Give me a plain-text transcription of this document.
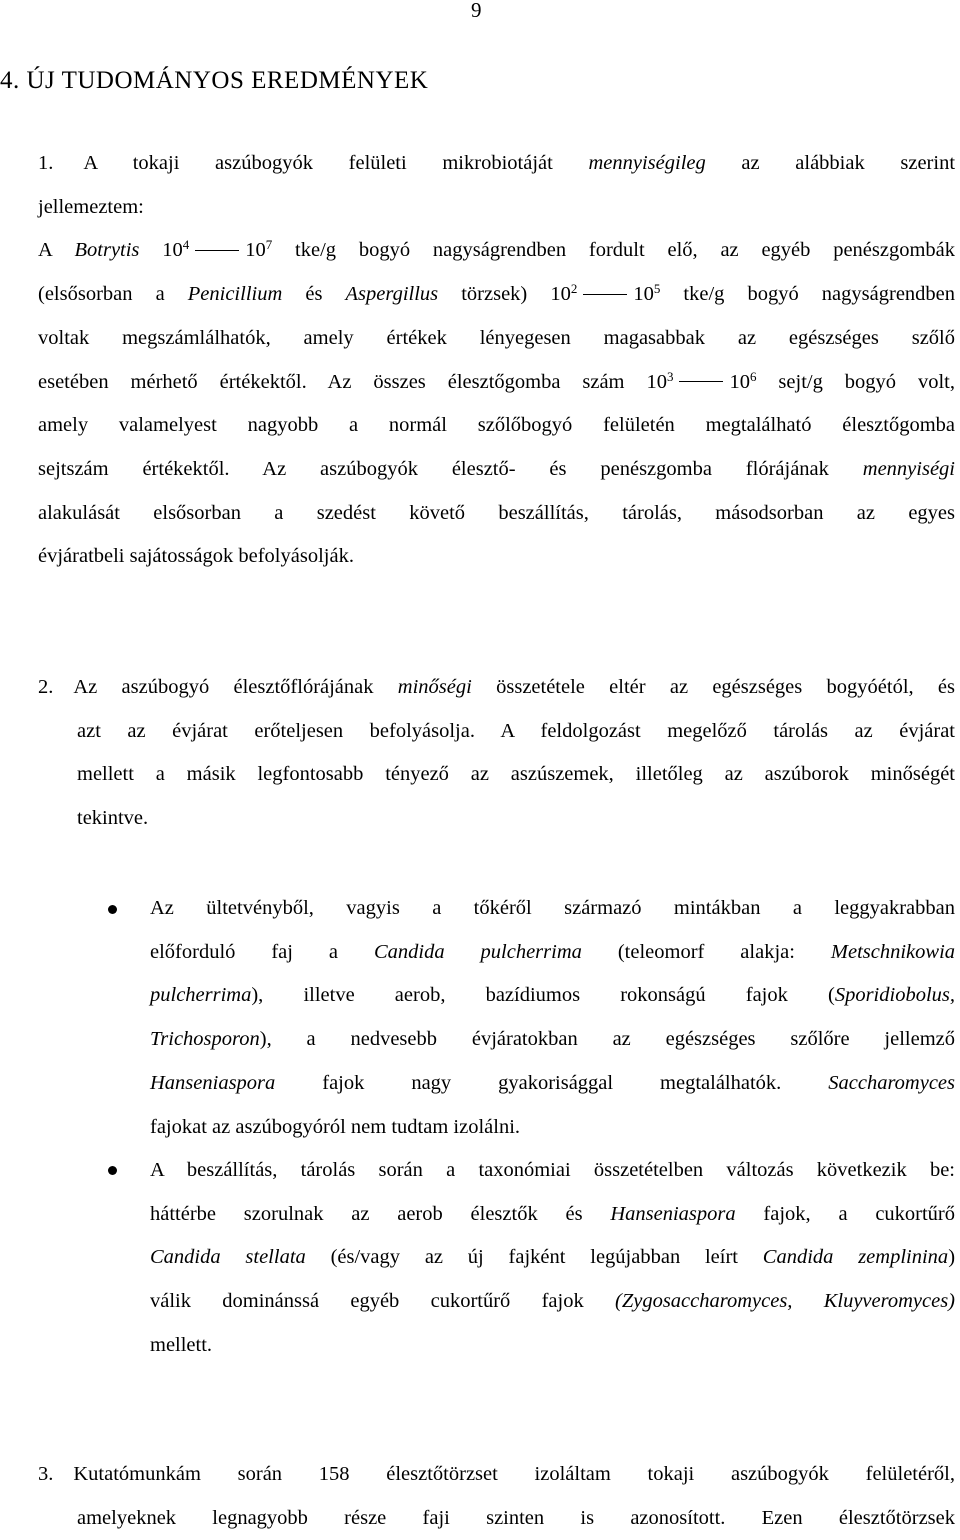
9
4. ÚJ TUDOMÁNYOS EREDMÉNYEK

1. A tokaji aszúbogyók felületi mikrobiotáját mennyiségileg az alábbiak szerint

jellemeztem:

A Botrytis $10^4$	$10^7$ tke/g bogyó nagyságrendben fordult elő, az egyéb penészgombák

(elsősorban a Penicillium és Aspergillus törzsek) $10^2$	$10^5$ tke/g bogyó nagyságrendben

voltak megszámlálhatók, amely értékek lényegesen magasabbak az egészséges szőlő

esetében mérhető értékektől. Az összes élesztőgomba szám $10^3$	$10^6$ sejt/g bogyó volt,

amely valamelyest nagyobb a normál szőlőbogyó felületén megtalálható élesztőgomba

sejtszám értékektől. Az aszúbogyók élesztő- és penészgomba flórájának mennyiségi

alakulását elsősorban a szedést követő beszállítás, tárolás, másodsorban az egyes

évjáratbeli sajátosságok befolyásolják.

2. Az aszúbogyó élesztőflórájának minőségi összetétele eltér az egészséges bogyóétól, és

azt az évjárat erőteljesen befolyásolja. A feldolgozást megelőző tárolás az évjárat

mellett a másik legfontosabb tényező az aszúszemek, illetőleg az aszúborok minőségét

tekintve.

Az ültetvényből, vagyis a tőkéről származó mintákban a leggyakrabban

előforduló faj a Candida pulcherrima (teleomorf alakja: Metschnikowia

pulcherrima), illetve aerob, bazídiumos rokonságú fajok (Sporidiobolus,

Trichosporon), a nedvesebb évjáratokban az egészséges szőlőre jellemző

Hanseniaspora fajok nagy gyakorisággal megtalálhatók. Saccharomyces

fajokat az aszúbogyóról nem tudtam izolálni.

A beszállítás, tárolás során a taxonómiai összetételben változás következik be:

háttérbe szorulnak az aerob élesztők és Hanseniaspora fajok, a cukortűrő

Candida stellata (és/vagy az új fajként legújabban leírt Candida zemplinina)

válik dominánssá egyéb cukortűrő fajok (Zygosaccharomyces, Kluyveromyces)

mellett.

3. Kutatómunkám során 158 élesztőtörzset izoláltam tokaji aszúbogyók felületéről,

amelyeknek legnagyobb része faji szinten is azonosított. Ezen élesztőtörzsek
